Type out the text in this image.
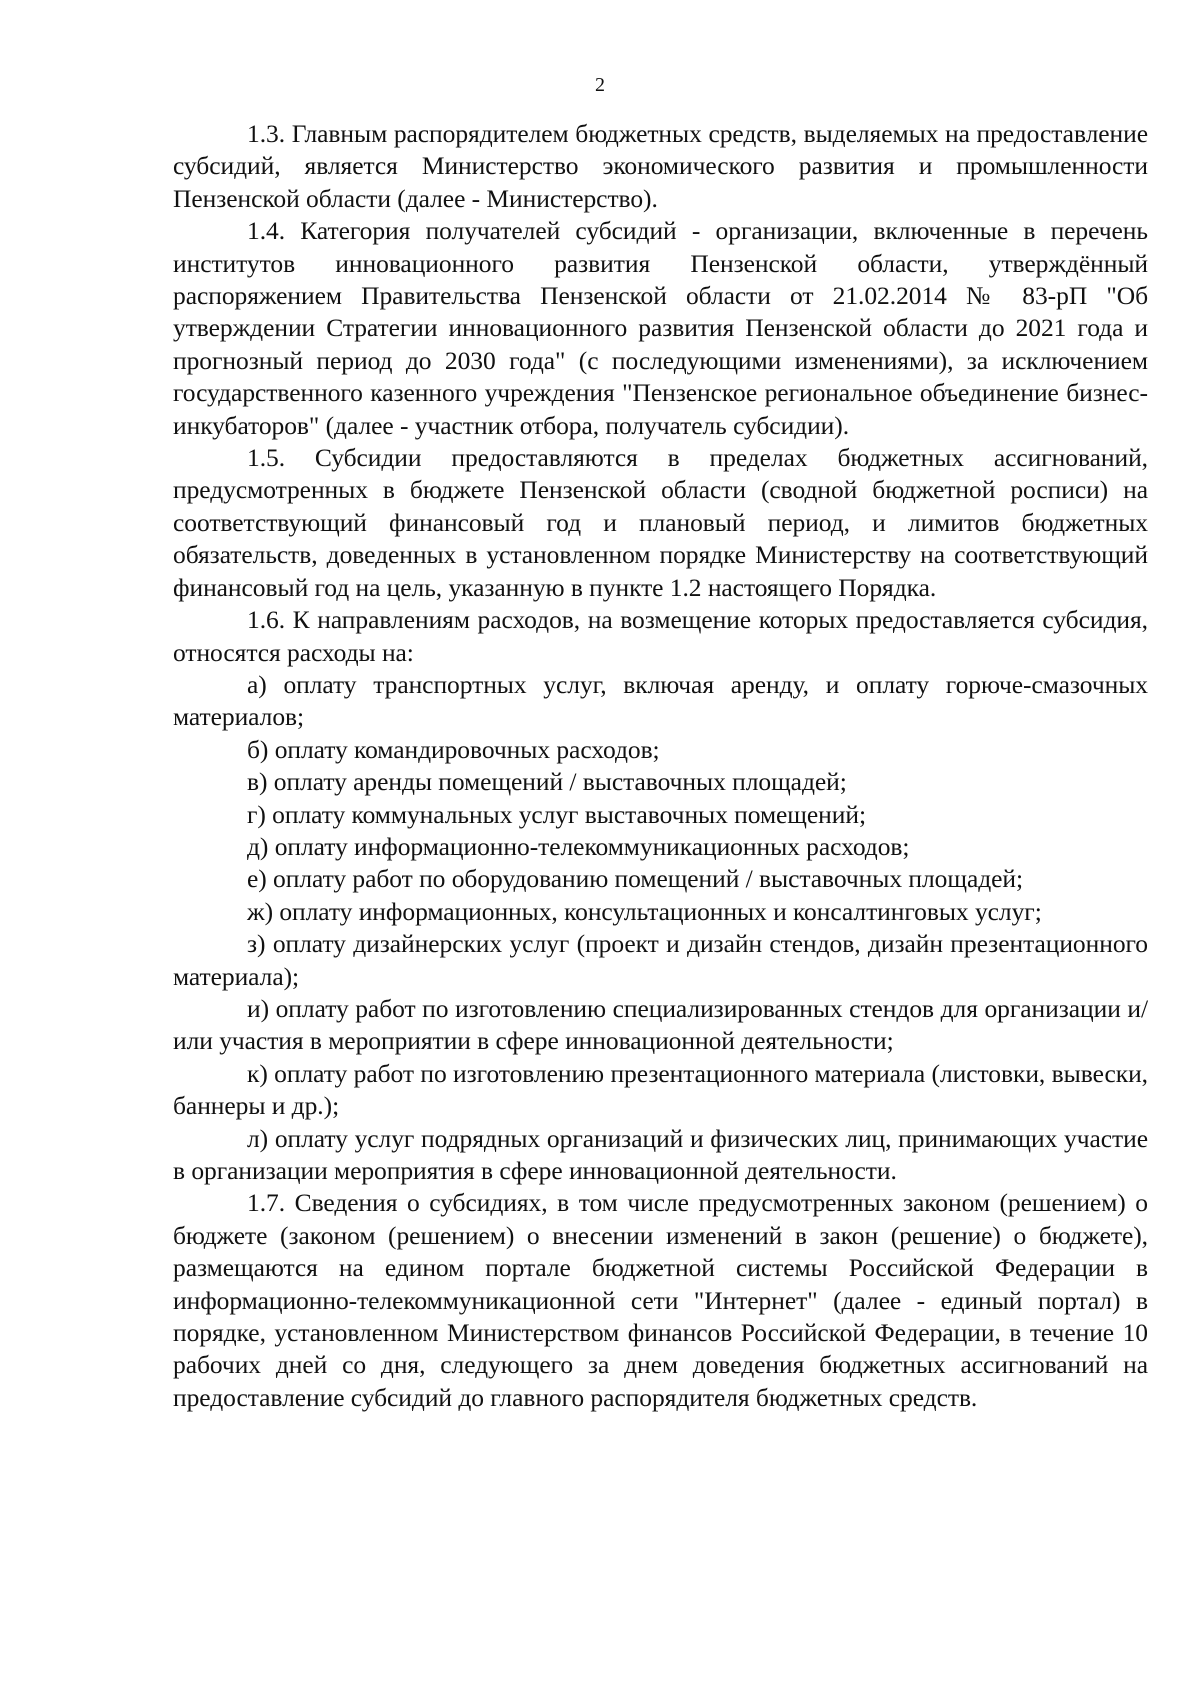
2

1.3. Главным распорядителем бюджетных средств, выделяемых на предоставление субсидий, является Министерство экономического развития и промышленности Пензенской области (далее - Министерство).

1.4. Категория получателей субсидий - организации, включенные в перечень институтов инновационного развития Пензенской области, утверждённый распоряжением Правительства Пензенской области от 21.02.2014 № 83-рП "Об утверждении Стратегии инновационного развития Пензенской области до 2021 года и прогнозный период до 2030 года" (с последующими изменениями), за исключением государственного казенного учреждения "Пензенское региональное объединение бизнес-инкубаторов" (далее - участник отбора, получатель субсидии).

1.5. Субсидии предоставляются в пределах бюджетных ассигнований, предусмотренных в бюджете Пензенской области (сводной бюджетной росписи) на соответствующий финансовый год и плановый период, и лимитов бюджетных обязательств, доведенных в установленном порядке Министерству на соответствующий финансовый год на цель, указанную в пункте 1.2 настоящего Порядка.

1.6. К направлениям расходов, на возмещение которых предоставляется субсидия, относятся расходы на:

а) оплату транспортных услуг, включая аренду, и оплату горюче-смазочных материалов;

б) оплату командировочных расходов;

в) оплату аренды помещений / выставочных площадей;

г) оплату коммунальных услуг выставочных помещений;

д) оплату информационно-телекоммуникационных расходов;

е) оплату работ по оборудованию помещений / выставочных площадей;

ж) оплату информационных, консультационных и консалтинговых услуг;

з) оплату дизайнерских услуг (проект и дизайн стендов, дизайн презентационного материала);

и) оплату работ по изготовлению специализированных стендов для организации и/или участия в мероприятии в сфере инновационной деятельности;

к) оплату работ по изготовлению презентационного материала (листовки, вывески, баннеры и др.);

л) оплату услуг подрядных организаций и физических лиц, принимающих участие в организации мероприятия в сфере инновационной деятельности.

1.7. Сведения о субсидиях, в том числе предусмотренных законом (решением) о бюджете (законом (решением) о внесении изменений в закон (решение) о бюджете), размещаются на едином портале бюджетной системы Российской Федерации в информационно-телекоммуникационной сети "Интернет" (далее - единый портал) в порядке, установленном Министерством финансов Российской Федерации, в течение 10 рабочих дней со дня, следующего за днем доведения бюджетных ассигнований на предоставление субсидий до главного распорядителя бюджетных средств.
